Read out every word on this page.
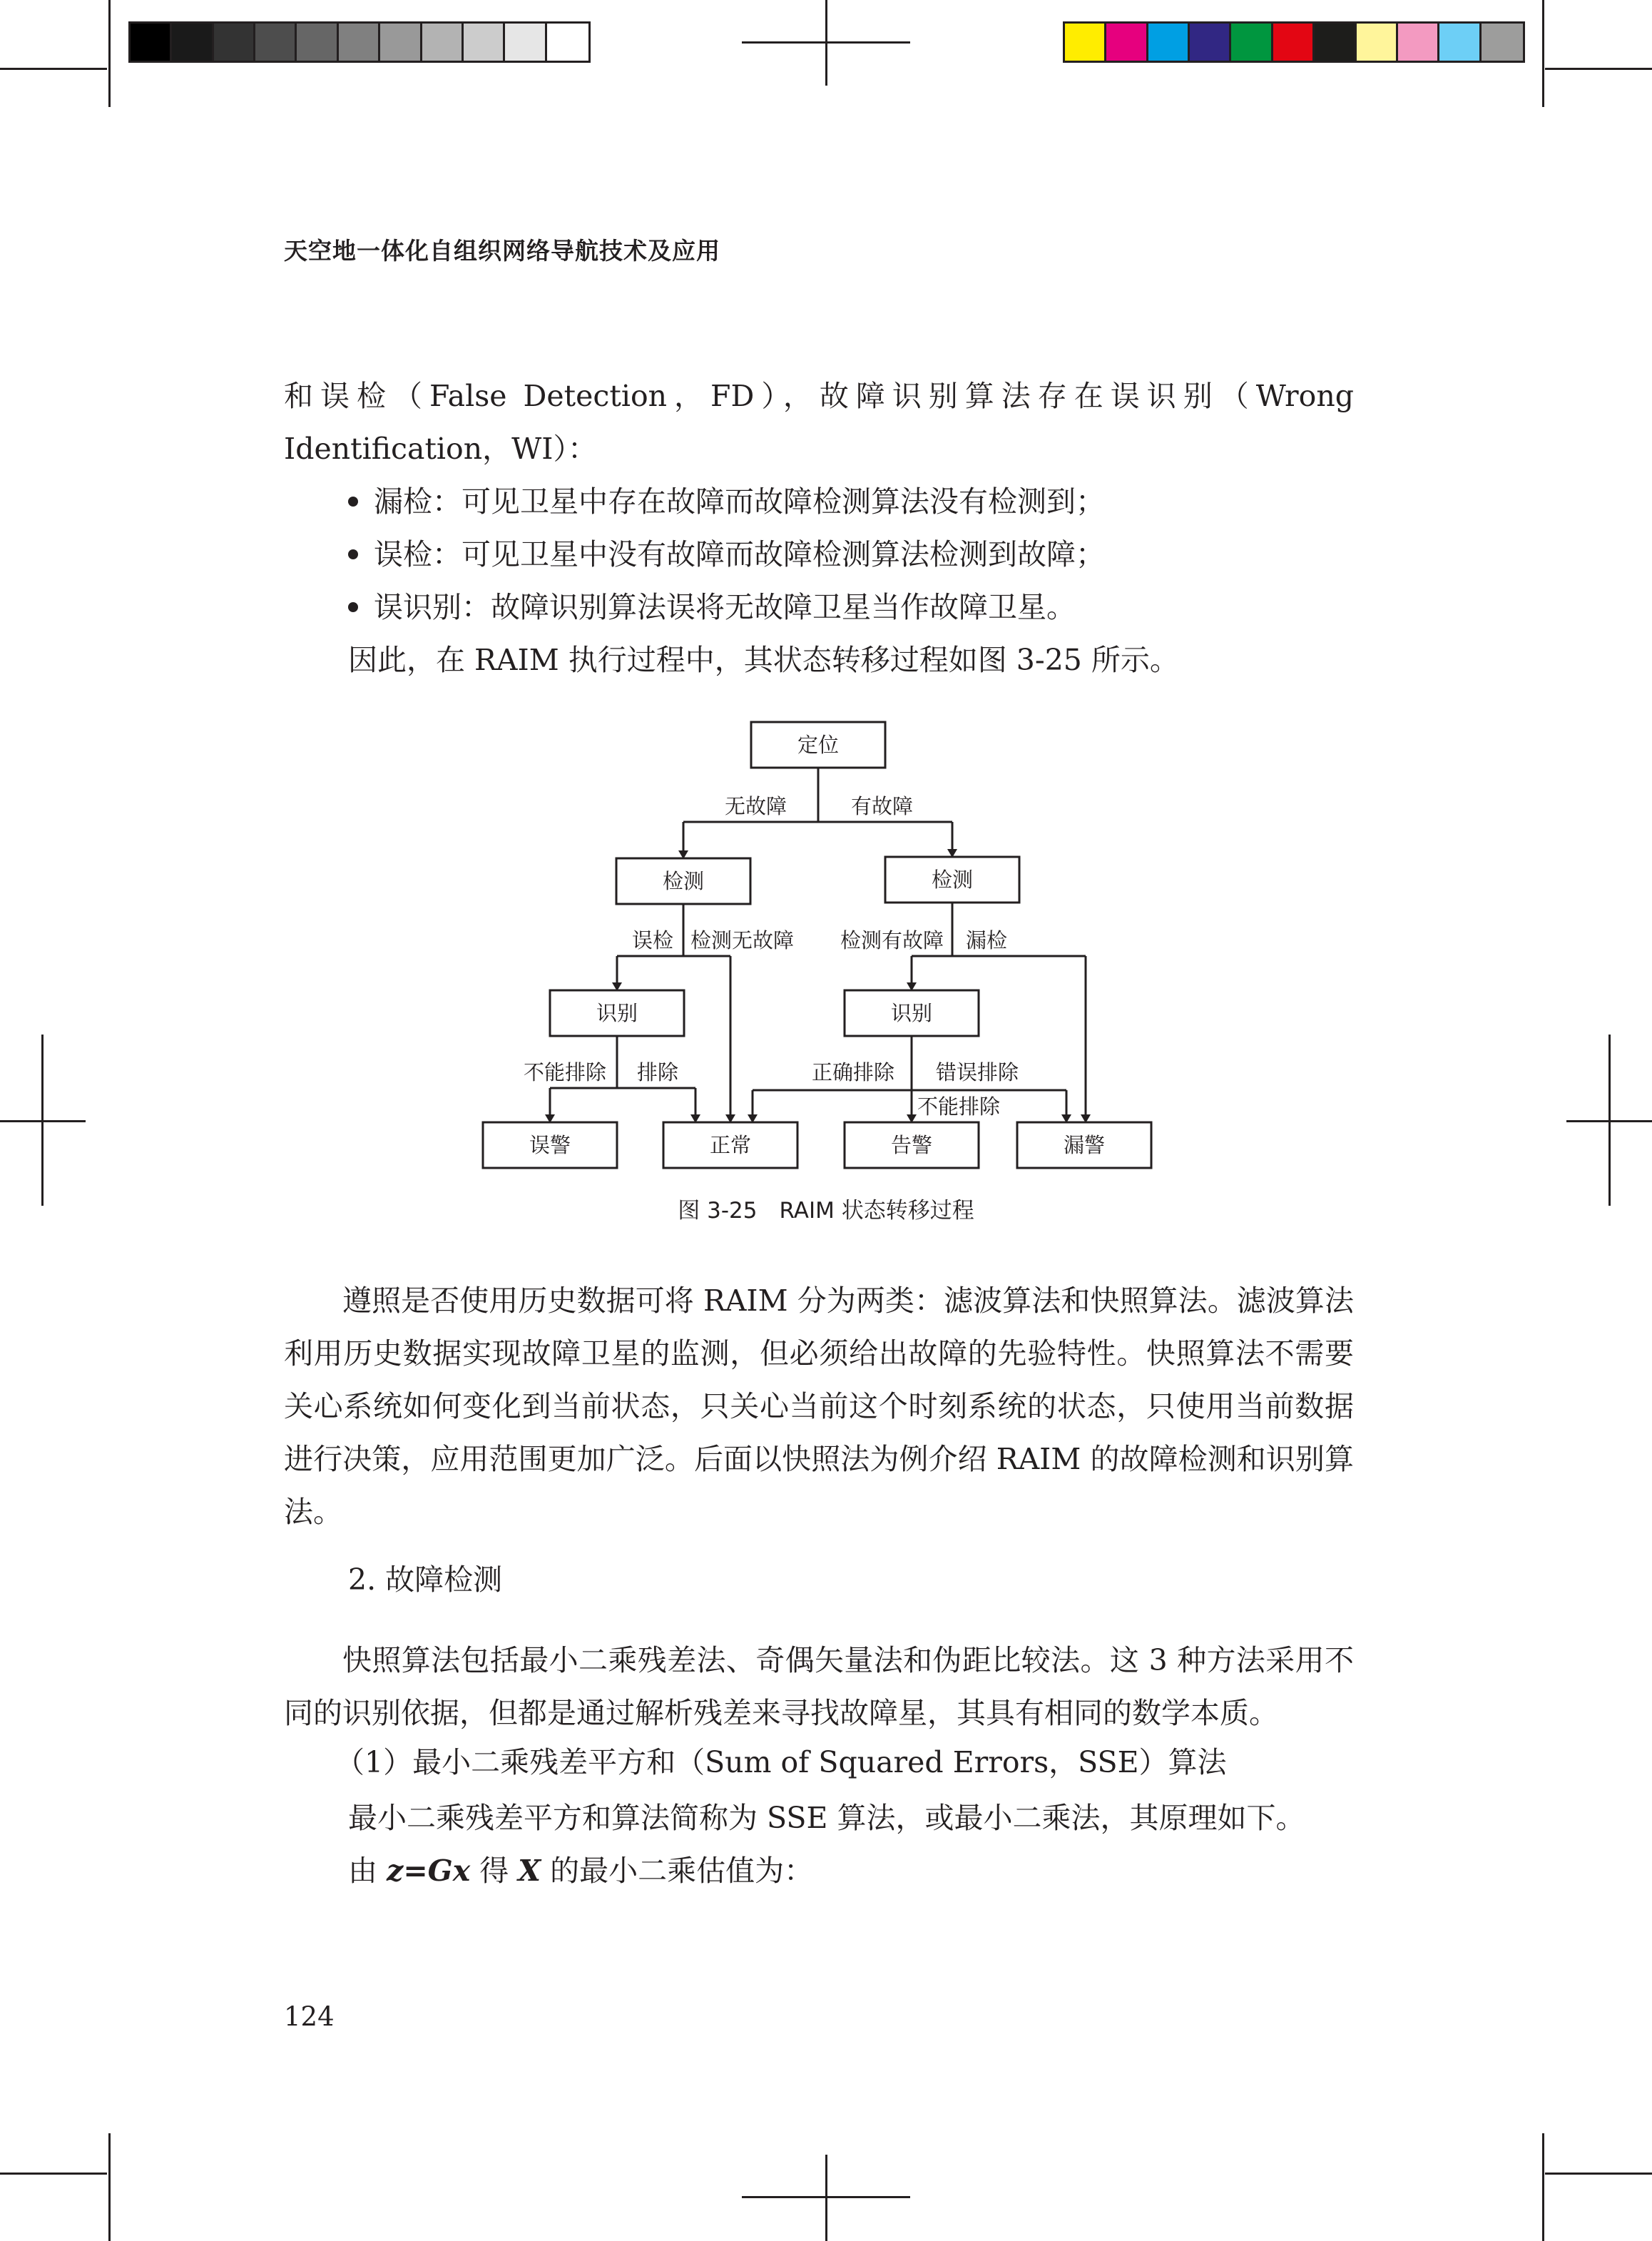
天空地一体化自组织网络导航技术及应用
和误检（False Detection，FD），故障识别算法存在误识别（Wrong Identification，WI）：
漏检：可见卫星中存在故障而故障检测算法没有检测到；
误检：可见卫星中没有故障而故障检测算法检测到故障；
误识别：故障识别算法误将无故障卫星当作故障卫星。
因此，在 RAIM 执行过程中，其状态转移过程如图 3-25 所示。
定位
检测	检测
识别	识别
误警	正常	告警	漏警
无故障	有故障
误检 检测无故障 检测有故障 漏检
不能排除 排除	正确排除 错误排除
不能排除
图 3-25　RAIM 状态转移过程
遵照是否使用历史数据可将 RAIM 分为两类：滤波算法和快照算法。滤波算法利用历史数据实现故障卫星的监测，但必须给出故障的先验特性。快照算法不需要关心系统如何变化到当前状态，只关心当前这个时刻系统的状态，只使用当前数据进行决策，应用范围更加广泛。后面以快照法为例介绍 RAIM 的故障检测和识别算法。
2. 故障检测
快照算法包括最小二乘残差法、奇偶矢量法和伪距比较法。这 3 种方法采用不同的识别依据，但都是通过解析残差来寻找故障星，其具有相同的数学本质。
（1）最小二乘残差平方和（Sum of Squared Errors，SSE）算法
最小二乘残差平方和算法简称为 SSE 算法，或最小二乘法，其原理如下。
由 z=Gx 得 X 的最小二乘估值为：
124
